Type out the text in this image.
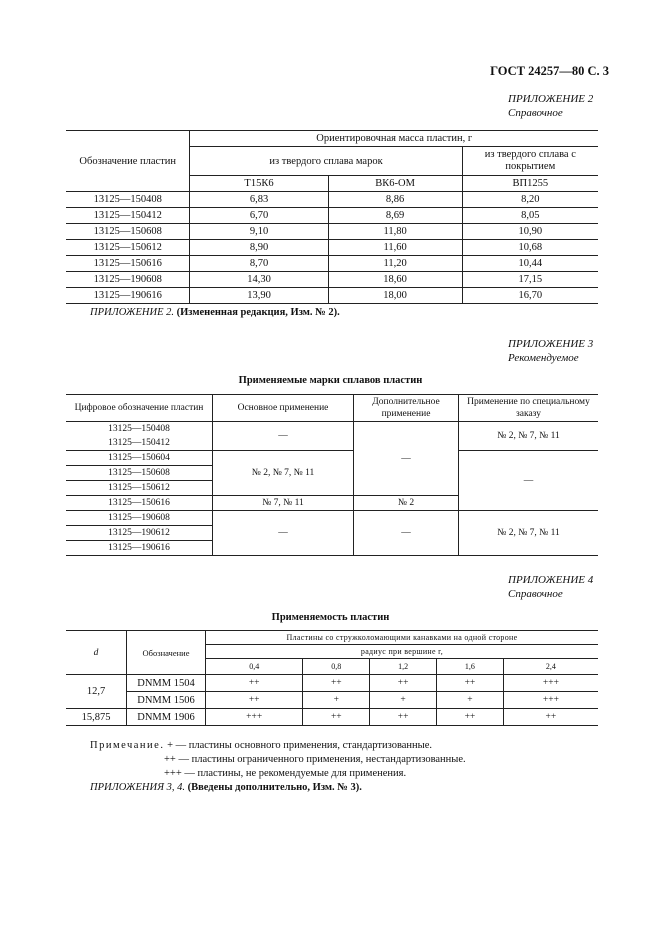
ГОСТ 24257—80 С. 3
ПРИЛОЖЕНИЕ 2
Справочное
Обозначение пластин	Ориентировочная масса пластин, г		
	из твердого сплава марок		из твердого сплава с покрытием
	Т15К6	ВК6-ОМ	ВП1255
13125—150408	6,83	8,86	8,20
13125—150412	6,70	8,69	8,05
13125—150608	9,10	11,80	10,90
13125—150612	8,90	11,60	10,68
13125—150616	8,70	11,20	10,44
13125—190608	14,30	18,60	17,15
13125—190616	13,90	18,00	16,70
ПРИЛОЖЕНИЕ 2. (Измененная редакция, Изм. № 2).
ПРИЛОЖЕНИЕ 3
Рекомендуемое
Применяемые марки сплавов пластин
Цифровое обозначение пластин	Основное применение	Дополнительное применение	Применение по специальному заказу
13125—150408	—	—	№ 2, № 7, № 11
13125—150412			
13125—150604	№ 2, № 7, № 11		—
13125—150608			
13125—150612			
13125—150616	№ 7, № 11	№ 2	
13125—190608	—	—	№ 2, № 7, № 11
13125—190612			
13125—190616			
ПРИЛОЖЕНИЕ 4
Справочное
Применяемость пластин
d	Обозначение	Пластины со стружколомающими канавками на одной стороне				
		радиус при вершине r,				
		0,4	0,8	1,2	1,6	2,4
12,7	DNMM 1504	++	++	++	++	+++
	DNMM 1506	++	+	+	+	+++
15,875	DNMM 1906	+++	++	++	++	++
Примечание. + — пластины основного применения, стандартизованные.
++ — пластины ограниченного применения, нестандартизованные.
+++ — пластины, не рекомендуемые для применения.
ПРИЛОЖЕНИЯ 3, 4. (Введены дополнительно, Изм. № 3).
